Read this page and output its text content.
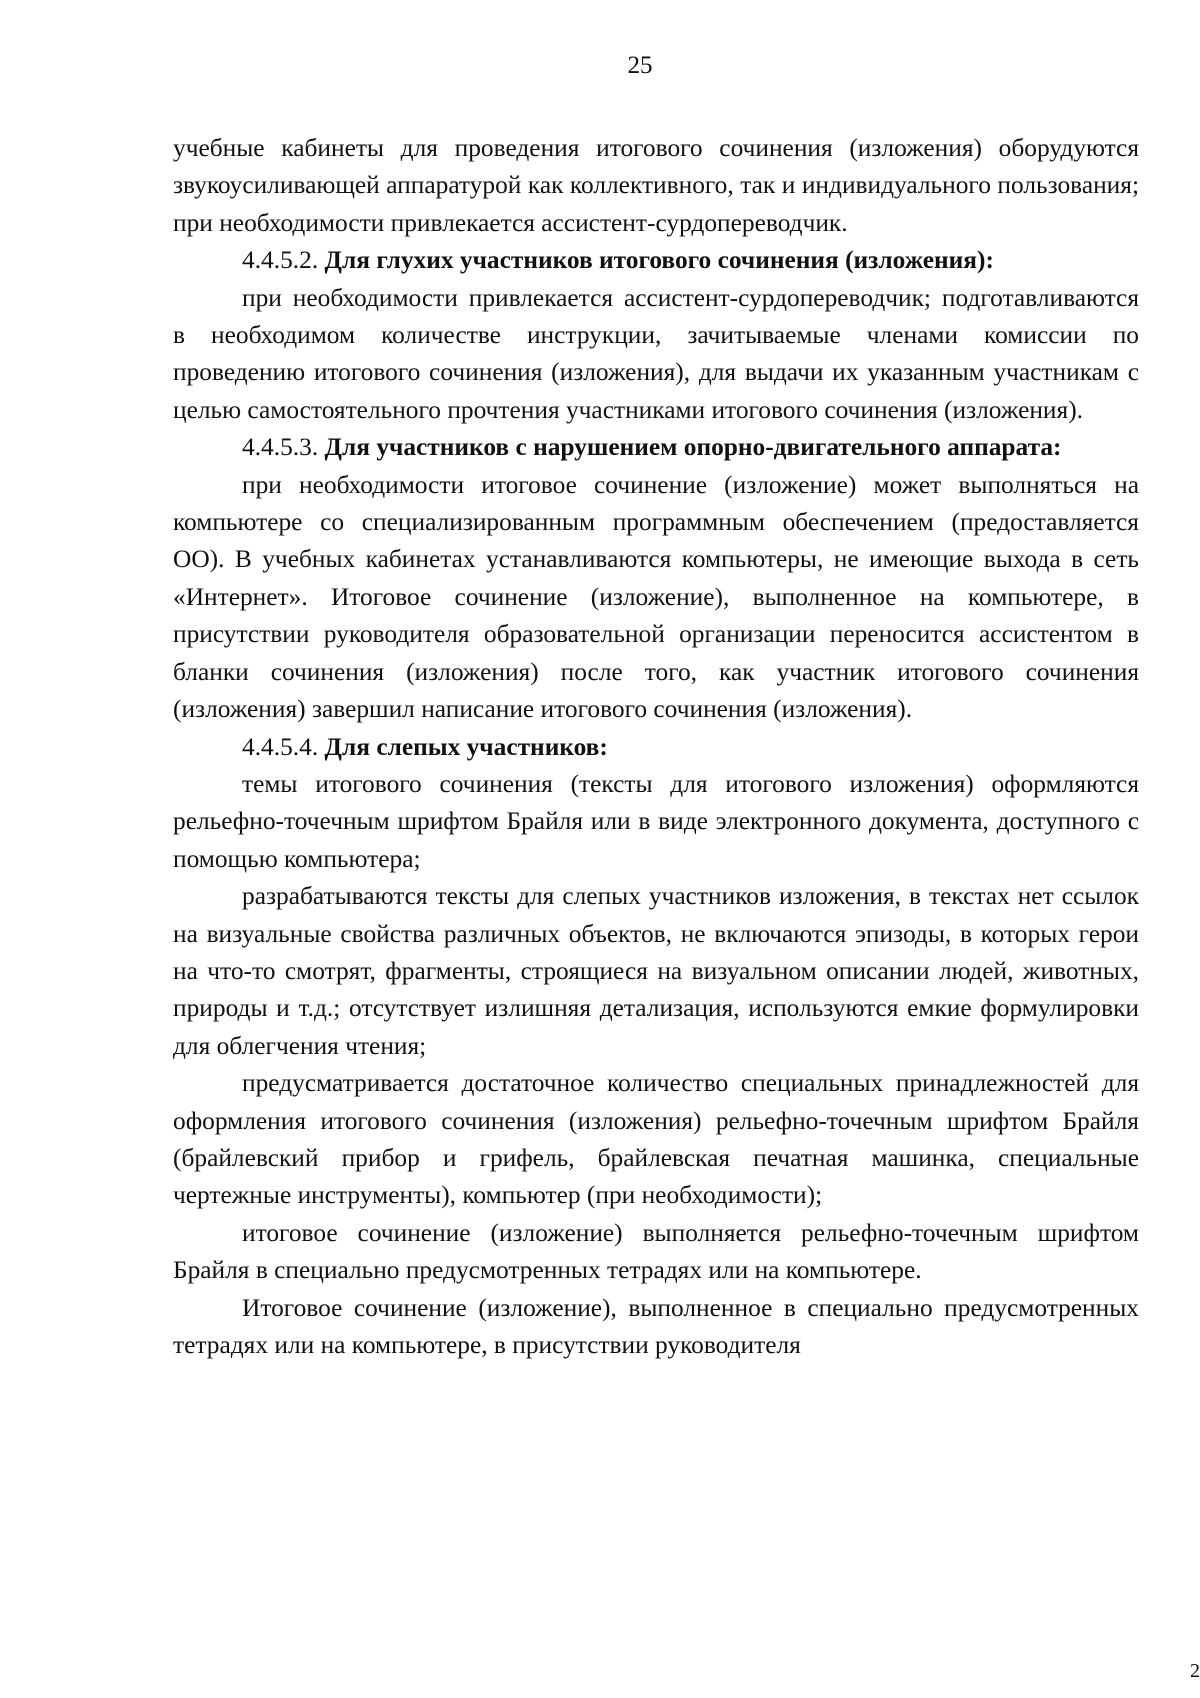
25

учебные кабинеты для проведения итогового сочинения (изложения) оборудуются звукоусиливающей аппаратурой как коллективного, так и индивидуального пользования; при необходимости привлекается ассистент-сурдопереводчик.

4.4.5.2. Для глухих участников итогового сочинения (изложения):

при необходимости привлекается ассистент-сурдопереводчик; подготавливаются в необходимом количестве инструкции, зачитываемые членами комиссии по проведению итогового сочинения (изложения), для выдачи их указанным участникам с целью самостоятельного прочтения участниками итогового сочинения (изложения).

4.4.5.3. Для участников с нарушением опорно-двигательного аппарата:

при необходимости итоговое сочинение (изложение) может выполняться на компьютере со специализированным программным обеспечением (предоставляется ОО). В учебных кабинетах устанавливаются компьютеры, не имеющие выхода в сеть «Интернет». Итоговое сочинение (изложение), выполненное на компьютере, в присутствии руководителя образовательной организации переносится ассистентом в бланки сочинения (изложения) после того, как участник итогового сочинения (изложения) завершил написание итогового сочинения (изложения).

4.4.5.4. Для слепых участников:

темы итогового сочинения (тексты для итогового изложения) оформляются рельефно-точечным шрифтом Брайля или в виде электронного документа, доступного с помощью компьютера;

разрабатываются тексты для слепых участников изложения, в текстах нет ссылок на визуальные свойства различных объектов, не включаются эпизоды, в которых герои на что-то смотрят, фрагменты, строящиеся на визуальном описании людей, животных, природы и т.д.; отсутствует излишняя детализация, используются емкие формулировки для облегчения чтения;

предусматривается достаточное количество специальных принадлежностей для оформления итогового сочинения (изложения) рельефно-точечным шрифтом Брайля (брайлевский прибор и грифель, брайлевская печатная машинка, специальные чертежные инструменты), компьютер (при необходимости);

итоговое сочинение (изложение) выполняется рельефно-точечным шрифтом Брайля в специально предусмотренных тетрадях или на компьютере.

Итоговое сочинение (изложение), выполненное в специально предусмотренных тетрадях или на компьютере, в присутствии руководителя

2
